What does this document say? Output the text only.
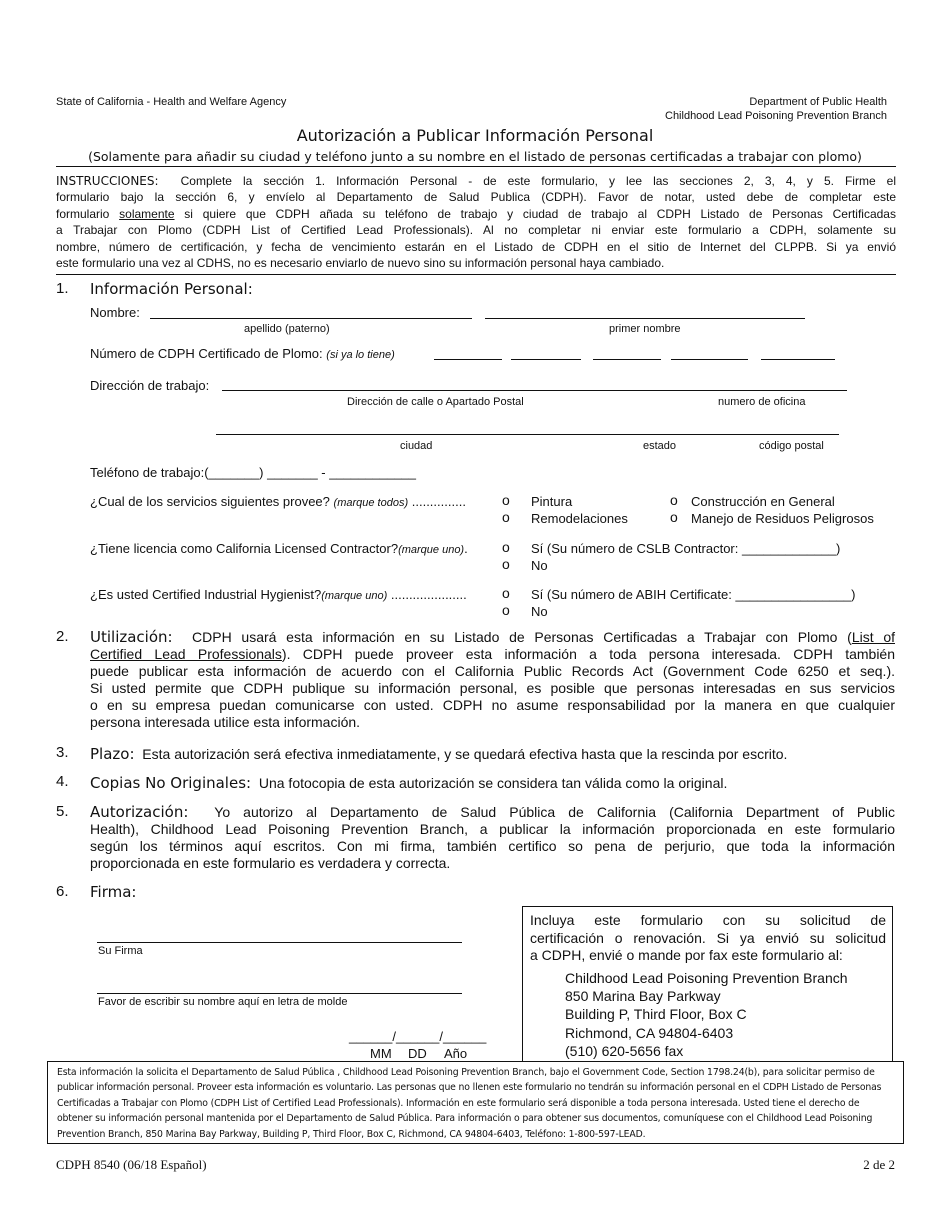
State of California - Health and Welfare Agency	Department of Public Health
Childhood Lead Poisoning Prevention Branch
Autorización a Publicar Información Personal
(Solamente para añadir su ciudad y teléfono junto a su nombre en el listado de personas certificadas a trabajar con plomo)
INSTRUCCIONES: Complete la sección 1. Información Personal - de este formulario, y lee las secciones 2, 3, 4, y 5. Firme el
formulario bajo la sección 6, y envíelo al Departamento de Salud Publica (CDPH). Favor de notar, usted debe de completar este
formulario solamente si quiere que CDPH añada su teléfono de trabajo y ciudad de trabajo al CDPH Listado de Personas Certificadas
a Trabajar con Plomo (CDPH List of Certified Lead Professionals). Al no completar ni enviar este formulario a CDPH, solamente su
nombre, número de certificación, y fecha de vencimiento estarán en el Listado de CDPH en el sitio de Internet del CLPPB. Si ya envió
este formulario una vez al CDHS, no es necesario enviarlo de nuevo sino su información personal haya cambiado.
1. Información Personal:
Nombre:
apellido (paterno)	primer nombre
Número de CDPH Certificado de Plomo: (si ya lo tiene)
Dirección de trabajo:
Dirección de calle o Apartado Postal	numero de oficina
ciudad	estado	código postal
Teléfono de trabajo:(_______) _______ - ____________
¿Cual de los servicios siguientes provee? (marque todos) ...............	o Pintura	o Construcción en General
o Remodelaciones	o Manejo de Residuos Peligrosos
¿Tiene licencia como California Licensed Contractor?(marque uno).	o Sí (Su número de CSLB Contractor: _____________)
o No
¿Es usted Certified Industrial Hygienist?(marque uno) .....................	o Sí (Su número de ABIH Certificate: ________________)
o No
2. Utilización: CDPH usará esta información en su Listado de Personas Certificadas a Trabajar con Plomo (List of
Certified Lead Professionals). CDPH puede proveer esta información a toda persona interesada. CDPH también
puede publicar esta información de acuerdo con el California Public Records Act (Government Code 6250 et seq.).
Si usted permite que CDPH publique su información personal, es posible que personas interesadas en sus servicios
o en su empresa puedan comunicarse con usted. CDPH no asume responsabilidad por la manera en que cualquier
persona interesada utilice esta información.
3. Plazo: Esta autorización será efectiva inmediatamente, y se quedará efectiva hasta que la rescinda por escrito.
4. Copias No Originales: Una fotocopia de esta autorización se considera tan válida como la original.
5. Autorización: Yo autorizo al Departamento de Salud Pública de California (California Department of Public
Health), Childhood Lead Poisoning Prevention Branch, a publicar la información proporcionada en este formulario
según los términos aquí escritos. Con mi firma, también certifico so pena de perjurio, que toda la información
proporcionada en este formulario es verdadera y correcta.
6. Firma:
Su Firma
Favor de escribir su nombre aquí en letra de molde
______/______/______
MM DD Año
Incluya este formulario con su solicitud de
certificación o renovación. Si ya envió su solicitud
a CDPH, envié o mande por fax este formulario al:
Childhood Lead Poisoning Prevention Branch
850 Marina Bay Parkway
Building P, Third Floor, Box C
Richmond, CA 94804-6403
(510) 620-5656 fax
Esta información la solicita el Departamento de Salud Pública , Childhood Lead Poisoning Prevention Branch, bajo el Government Code, Section 1798.24(b), para solicitar permiso de
publicar información personal. Proveer esta información es voluntario. Las personas que no llenen este formulario no tendrán su información personal en el CDPH Listado de Personas
Certificadas a Trabajar con Plomo (CDPH List of Certified Lead Professionals). Información en este formulario será disponible a toda persona interesada. Usted tiene el derecho de
obtener su información personal mantenida por el Departamento de Salud Pública. Para información o para obtener sus documentos, comuníquese con el Childhood Lead Poisoning
Prevention Branch, 850 Marina Bay Parkway, Building P, Third Floor, Box C, Richmond, CA 94804-6403, Teléfono: 1-800-597-LEAD.
CDPH 8540 (06/18 Español)	2 de 2
